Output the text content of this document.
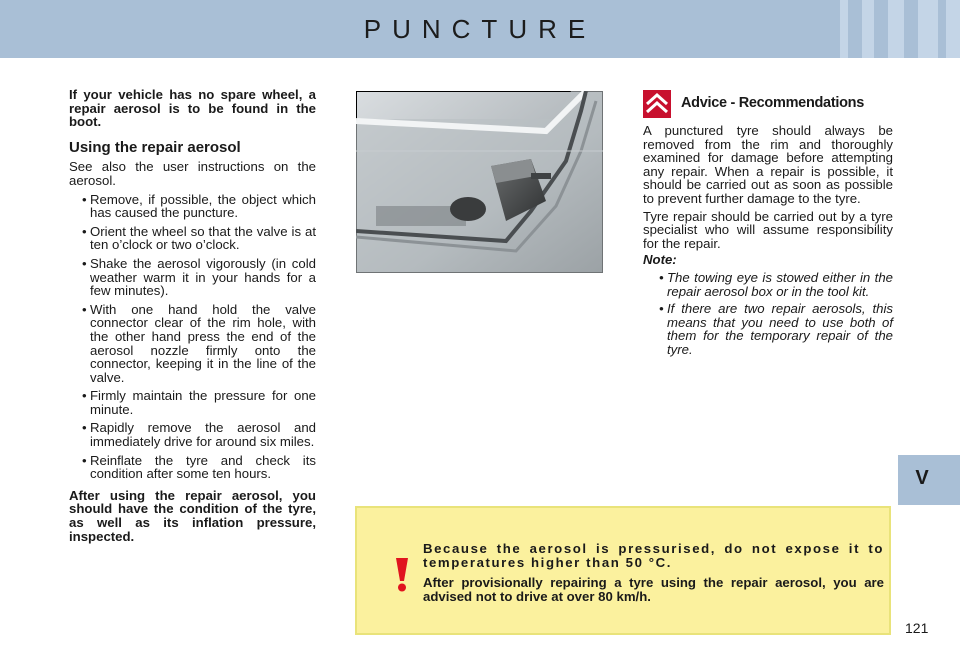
PUNCTURE
V

If your vehicle has no spare wheel, a repair aerosol is to be found in the boot.

Using the repair aerosol

See also the user instructions on the aerosol.

• Remove, if possible, the object which has caused the puncture.
• Orient the wheel so that the valve is at ten o’clock or two o’clock.
• Shake the aerosol vigorously (in cold weather warm it in your hands for a few minutes).
• With one hand hold the valve connector clear of the rim hole, with the other hand press the end of the aerosol nozzle firmly onto the connector, keeping it in the line of the valve.
• Firmly maintain the pressure for one minute.
• Rapidly remove the aerosol and immediately drive for around six miles.
• Reinflate the tyre and check its condition after some ten hours.

After using the repair aerosol, you should have the condition of the tyre, as well as its inflation pressure, inspected.

Advice - Recommendations

A punctured tyre should always be removed from the rim and thoroughly examined for damage before attempting any repair. When a repair is possible, it should be carried out as soon as possible to prevent further damage to the tyre.

Tyre repair should be carried out by a tyre specialist who will assume responsibility for the repair.

Note:

• The towing eye is stowed either in the repair aerosol box or in the tool kit.
• If there are two repair aerosols, this means that you need to use both of them for the temporary repair of the tyre.

Because the aerosol is pressurised, do not expose it to temperatures higher than 50 °C.

After provisionally repairing a tyre using the repair aerosol, you are advised not to drive at over 80 km/h.

121
